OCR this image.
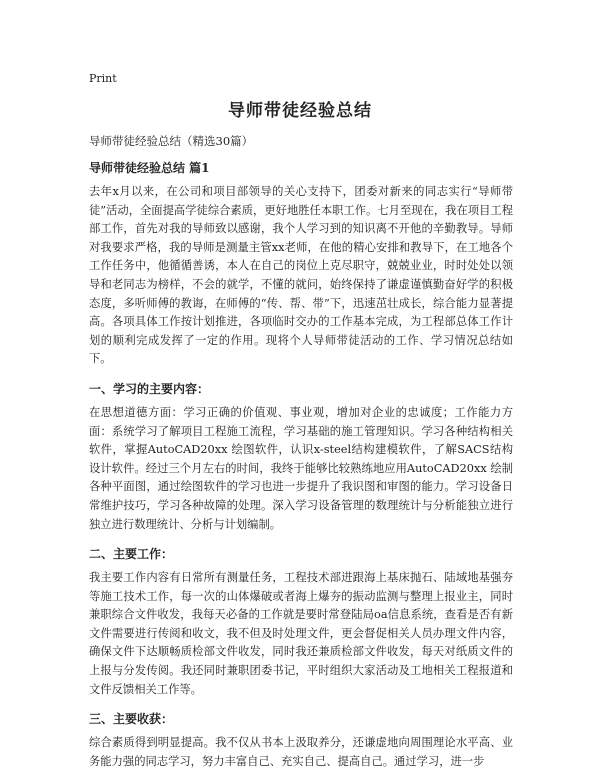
Print
导师带徒经验总结
导师带徒经验总结（精选30篇）
导师带徒经验总结 篇1
去年x月以来，在公司和项目部领导的关心支持下，团委对新来的同志实行“导师带徒”活动，全面提高学徒综合素质，更好地胜任本职工作。七月至现在，我在项目工程部工作，首先对我的导师致以感谢，我个人学习到的知识离不开他的辛勤教导。导师对我要求严格，我的导师是测量主管xx老师，在他的精心安排和教导下，在工地各个工作任务中，他循循善诱，本人在自己的岗位上克尽职守，兢兢业业，时时处处以领导和老同志为榜样，不会的就学，不懂的就问，始终保持了谦虚谨慎勤奋好学的积极态度，多听师傅的教诲，在师傅的“传、帮、带”下，迅速茁壮成长，综合能力显著提高。各项具体工作按计划推进，各项临时交办的工作基本完成，为工程部总体工作计划的顺利完成发挥了一定的作用。现将个人导师带徒活动的工作、学习情况总结如下。
一、学习的主要内容：
在思想道德方面：学习正确的价值观、事业观，增加对企业的忠诚度；工作能力方面：系统学习了解项目工程施工流程，学习基础的施工管理知识。学习各种结构相关软件，掌握AutoCAD20xx 绘图软件，认识x-steel结构建模软件，了解SACS结构设计软件。经过三个月左右的时间，我终于能够比较熟练地应用AutoCAD20xx 绘制各种平面图，通过绘图软件的学习也进一步提升了我识图和审图的能力。学习设备日常维护技巧，学习各种故障的处理。深入学习设备管理的数理统计与分析能独立进行独立进行数理统计、分析与计划编制。
二、主要工作：
我主要工作内容有日常所有测量任务，工程技术部进跟海上基床抛石、陆域地基强夯等施工技术工作，每一次的山体爆破或者海上爆夯的振动监测与整理上报业主，同时兼职综合文件收发，我每天必备的工作就是要时常登陆局oa信息系统，查看是否有新文件需要进行传阅和收文，我不但及时处理文件，更会督促相关人员办理文件内容，确保文件下达顺畅质检部文件收发，同时我还兼质检部文件收发，每天对纸质文件的上报与分发传阅。我还同时兼职团委书记，平时组织大家活动及工地相关工程报道和文件反馈相关工作等。
三、主要收获：
综合素质得到明显提高。我不仅从书本上汲取养分，还谦虚地向周围理论水平高、业务能力强的同志学习，努力丰富自己、充实自己、提高自己。通过学习，进一步
